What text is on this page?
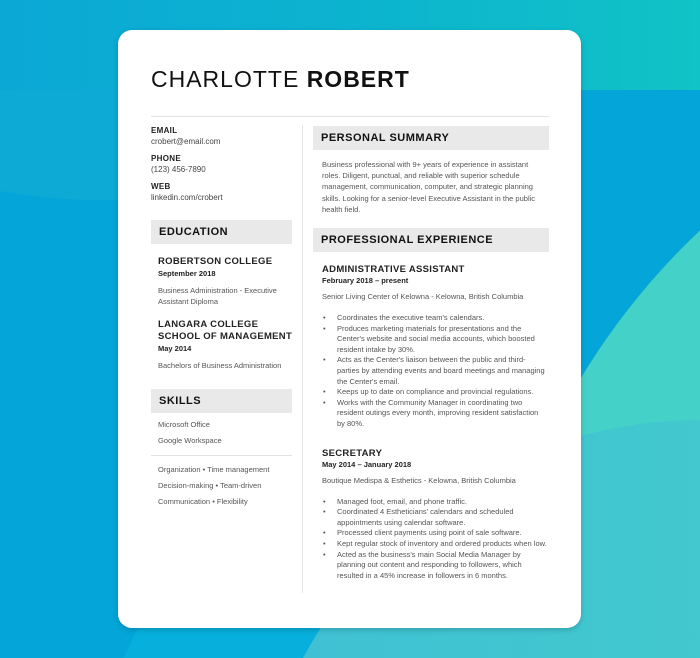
CHARLOTTE ROBERT
EMAIL
crobert@email.com
PHONE
(123) 456-7890
WEB
linkedin.com/crobert
EDUCATION
ROBERTSON COLLEGE
September 2018
Business Administration - Executive Assistant Diploma
LANGARA COLLEGE SCHOOL OF MANAGEMENT
May 2014
Bachelors of Business Administration
SKILLS
Microsoft Office
Google Workspace
Organization • Time management
Decision-making • Team-driven
Communication • Flexibility
PERSONAL SUMMARY
Business professional with 9+ years of experience in assistant roles. Diligent, punctual, and reliable with superior schedule management, communication, computer, and strategic planning skills. Looking for a senior-level Executive Assistant in the public health field.
PROFESSIONAL EXPERIENCE
ADMINISTRATIVE ASSISTANT
February 2018 – present
Senior Living Center of Kelowna - Kelowna, British Columbia
• Coordinates the executive team's calendars.
• Produces marketing materials for presentations and the Center's website and social media accounts, which boosted resident intake by 30%.
• Acts as the Center's liaison between the public and third-parties by attending events and board meetings and managing the Center's email.
• Keeps up to date on compliance and provincial regulations.
• Works with the Community Manager in coordinating two resident outings every month, improving resident satisfaction by 80%.
SECRETARY
May 2014 – January 2018
Boutique Medispa & Esthetics - Kelowna, British Columbia
• Managed foot, email, and phone traffic.
• Coordinated 4 Estheticians' calendars and scheduled appointments using calendar software.
• Processed client payments using point of sale software.
• Kept regular stock of inventory and ordered products when low.
• Acted as the business's main Social Media Manager by planning out content and responding to followers, which resulted in a 45% increase in followers in 6 months.
